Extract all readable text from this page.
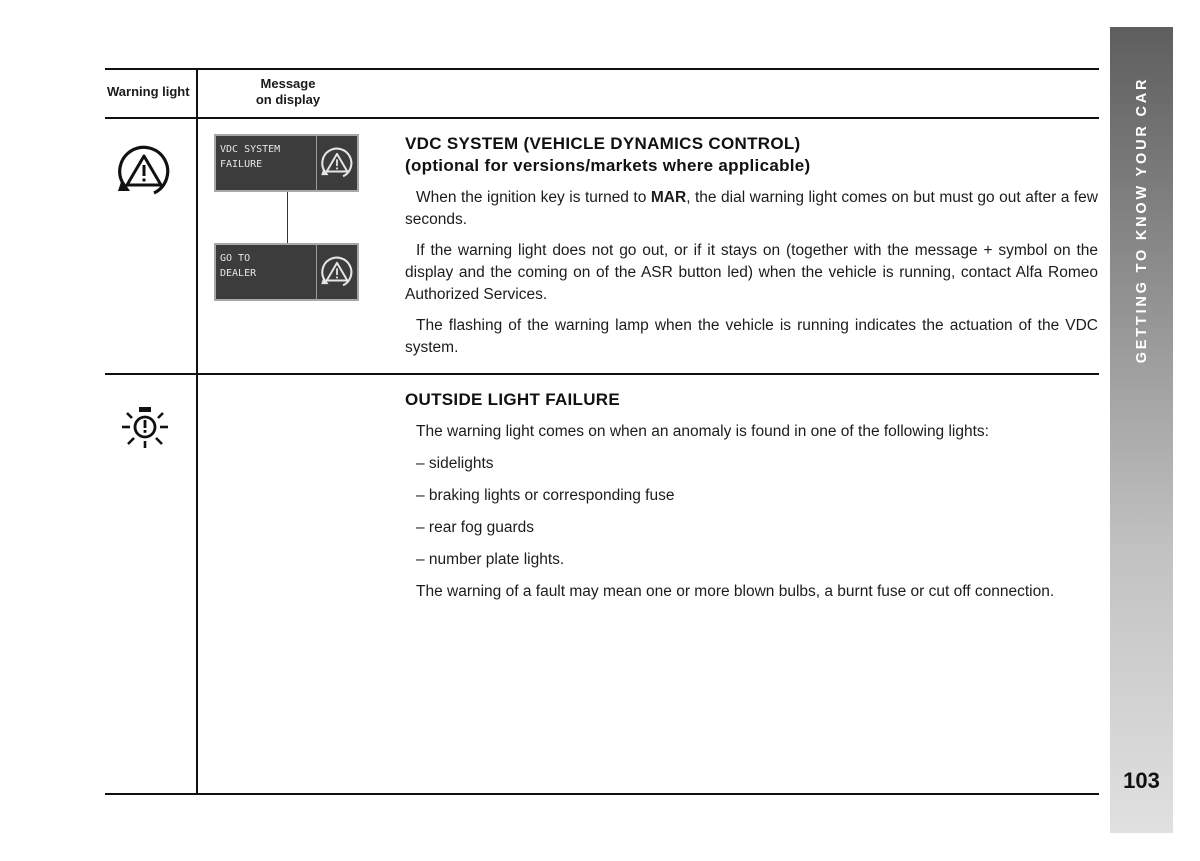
Warning light
Message
on display
VDC SYSTEM
FAILURE
GO TO
DEALER
VDC SYSTEM (VEHICLE DYNAMICS CONTROL)
(optional for versions/markets where applicable)
When the ignition key is turned to MAR, the dial warning light comes on but must go out after a few seconds.
If the warning light does not go out, or if it stays on (together with the message + symbol on the display and the coming on of the ASR button led) when the vehicle is running, contact Alfa Romeo Authorized Services.
The flashing of the warning lamp when the vehicle is running indicates the actuation of the VDC system.
OUTSIDE LIGHT FAILURE
The warning light comes on when an anomaly is found in one of the following lights:
– sidelights
– braking lights or corresponding fuse
– rear fog guards
– number plate lights.
The warning of a fault may mean one or more blown bulbs, a burnt fuse or cut off connection.
GETTING TO KNOW YOUR CAR
103
